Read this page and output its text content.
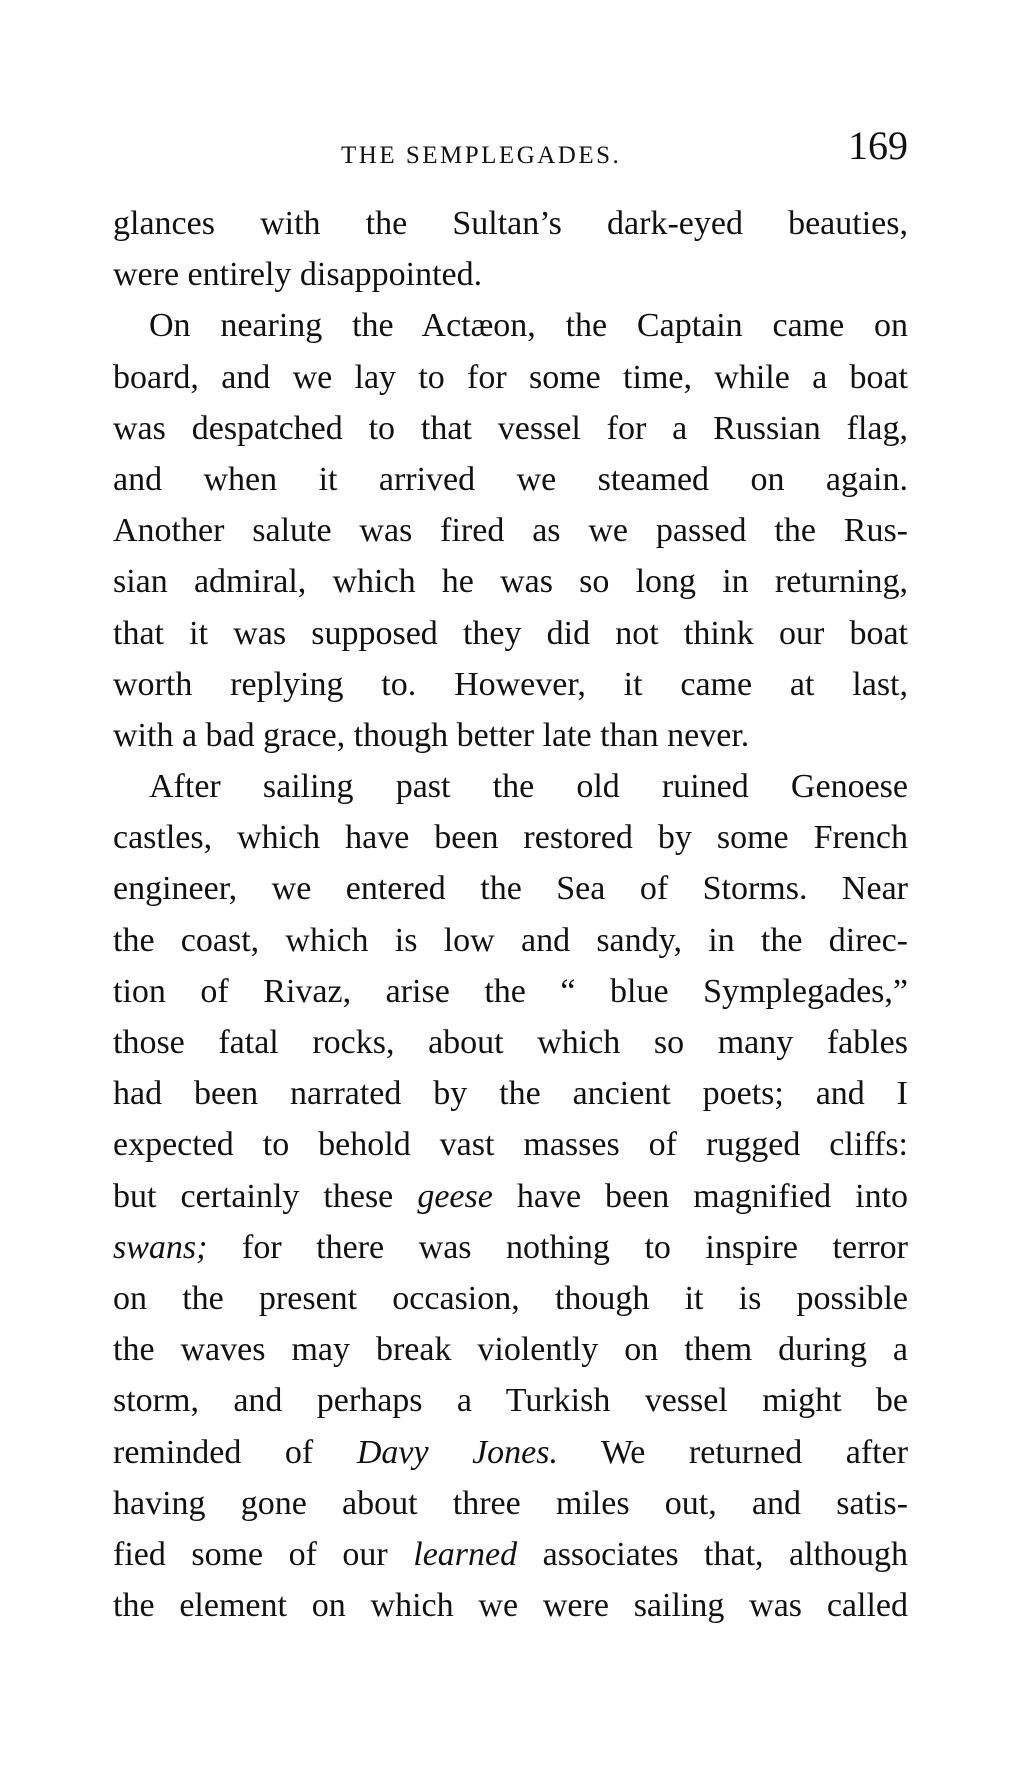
THE SEMPLEGADES.	169
glances with the Sultan’s dark-eyed beauties,
were entirely disappointed.
On nearing the Actæon, the Captain came on
board, and we lay to for some time, while a boat
was despatched to that vessel for a Russian flag,
and when it arrived we steamed on again.
Another salute was fired as we passed the Rus-
sian admiral, which he was so long in returning,
that it was supposed they did not think our boat
worth replying to. However, it came at last,
with a bad grace, though better late than never.
After sailing past the old ruined Genoese
castles, which have been restored by some French
engineer, we entered the Sea of Storms. Near
the coast, which is low and sandy, in the direc-
tion of Rivaz, arise the “ blue Symplegades,”
those fatal rocks, about which so many fables
had been narrated by the ancient poets; and I
expected to behold vast masses of rugged cliffs:
but certainly these geese have been magnified into
swans; for there was nothing to inspire terror
on the present occasion, though it is possible
the waves may break violently on them during a
storm, and perhaps a Turkish vessel might be
reminded of Davy Jones. We returned after
having gone about three miles out, and satis-
fied some of our learned associates that, although
the element on which we were sailing was called
